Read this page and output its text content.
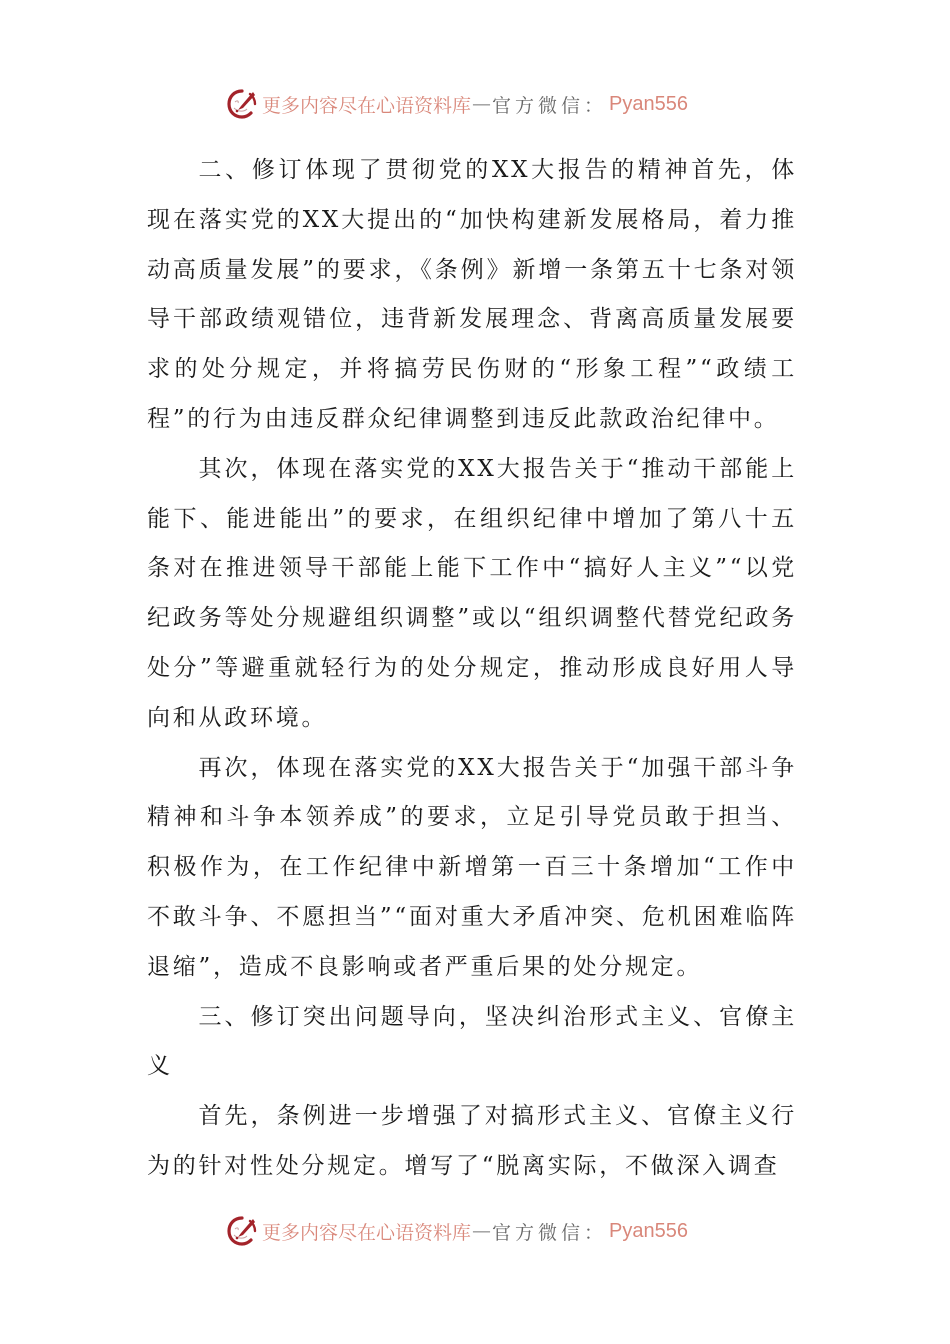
更多内容尽在心语资料库 — 官方微信： Pyan556

二、修订体现了贯彻党的XX大报告的精神首先，体现在落实党的XX大提出的“加快构建新发展格局，着力推动高质量发展”的要求，《条例》新增一条第五十七条对领导干部政绩观错位，违背新发展理念、背离高质量发展要求的处分规定，并将搞劳民伤财的“形象工程”“政绩工程”的行为由违反群众纪律调整到违反此款政治纪律中。

其次，体现在落实党的XX大报告关于“推动干部能上能下、能进能出”的要求，在组织纪律中增加了第八十五条对在推进领导干部能上能下工作中“搞好人主义”“以党纪政务等处分规避组织调整”或以“组织调整代替党纪政务处分”等避重就轻行为的处分规定，推动形成良好用人导向和从政环境。

再次，体现在落实党的XX大报告关于“加强干部斗争精神和斗争本领养成”的要求，立足引导党员敢于担当、积极作为，在工作纪律中新增第一百三十条增加“工作中不敢斗争、不愿担当”“面对重大矛盾冲突、危机困难临阵退缩”，造成不良影响或者严重后果的处分规定。

三、修订突出问题导向，坚决纠治形式主义、官僚主义

首先，条例进一步增强了对搞形式主义、官僚主义行为的针对性处分规定。增写了“脱离实际，不做深入调查

更多内容尽在心语资料库 — 官方微信： Pyan556
